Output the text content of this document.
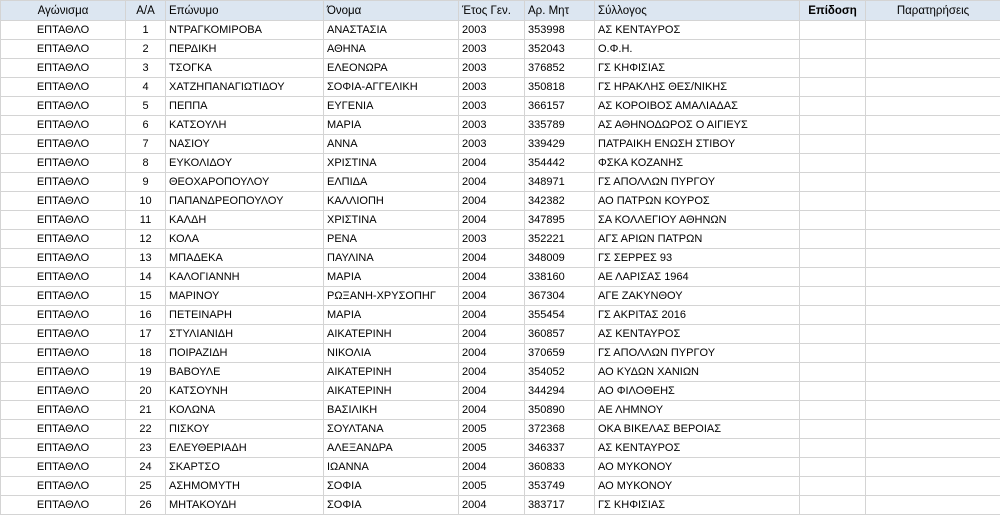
Αγώνισμα	Α/Α	Επώνυμο	Όνομα	Έτος Γεν.	Αρ. Μητ	Σύλλογος	Επίδοση	Παρατηρήσεις
ΕΠΤΑΘΛΟ	1	ΝΤΡΑΓΚΟΜΙΡΟΒΑ	ΑΝΑΣΤΑΣΙΑ	2003	353998	ΑΣ ΚΕΝΤΑΥΡΟΣ		
ΕΠΤΑΘΛΟ	2	ΠΕΡΔΙΚΗ	ΑΘΗΝΑ	2003	352043	Ο.Φ.Η.		
ΕΠΤΑΘΛΟ	3	ΤΣΟΓΚΑ	ΕΛΕΟΝΩΡΑ	2003	376852	ΓΣ ΚΗΦΙΣΙΑΣ		
ΕΠΤΑΘΛΟ	4	ΧΑΤΖΗΠΑΝΑΓΙΩΤΙΔΟΥ	ΣΟΦΙΑ-ΑΓΓΕΛΙΚΗ	2003	350818	ΓΣ ΗΡΑΚΛΗΣ ΘΕΣ/ΝΙΚΗΣ		
ΕΠΤΑΘΛΟ	5	ΠΕΠΠΑ	ΕΥΓΕΝΙΑ	2003	366157	ΑΣ ΚΟΡΟΙΒΟΣ ΑΜΑΛΙΑΔΑΣ		
ΕΠΤΑΘΛΟ	6	ΚΑΤΣΟΥΛΗ	ΜΑΡΙΑ	2003	335789	ΑΣ ΑΘΗΝΟΔΩΡΟΣ Ο ΑΙΓΙΕΥΣ		
ΕΠΤΑΘΛΟ	7	ΝΑΣΙΟΥ	ΑΝΝΑ	2003	339429	ΠΑΤΡΑΙΚΗ ΕΝΩΣΗ ΣΤΙΒΟΥ		
ΕΠΤΑΘΛΟ	8	ΕΥΚΟΛΙΔΟΥ	ΧΡΙΣΤΙΝΑ	2004	354442	ΦΣΚΑ ΚΟΖΑΝΗΣ		
ΕΠΤΑΘΛΟ	9	ΘΕΟΧΑΡΟΠΟΥΛΟΥ	ΕΛΠΙΔΑ	2004	348971	ΓΣ ΑΠΟΛΛΩΝ ΠΥΡΓΟΥ		
ΕΠΤΑΘΛΟ	10	ΠΑΠΑΝΔΡΕΟΠΟΥΛΟΥ	ΚΑΛΛΙΟΠΗ	2004	342382	ΑΟ ΠΑΤΡΩΝ ΚΟΥΡΟΣ		
ΕΠΤΑΘΛΟ	11	ΚΑΛΔΗ	ΧΡΙΣΤΙΝΑ	2004	347895	ΣΑ ΚΟΛΛΕΓΙΟΥ ΑΘΗΝΩΝ		
ΕΠΤΑΘΛΟ	12	ΚΟΛΑ	ΡΕΝΑ	2003	352221	ΑΓΣ ΑΡΙΩΝ ΠΑΤΡΩΝ		
ΕΠΤΑΘΛΟ	13	ΜΠΑΔΕΚΑ	ΠΑΥΛΙΝΑ	2004	348009	ΓΣ ΣΕΡΡΕΣ 93		
ΕΠΤΑΘΛΟ	14	ΚΑΛΟΓΙΑΝΝΗ	ΜΑΡΙΑ	2004	338160	ΑΕ ΛΑΡΙΣΑΣ 1964		
ΕΠΤΑΘΛΟ	15	ΜΑΡΙΝΟΥ	ΡΩΞΑΝΗ-ΧΡΥΣΟΠΗΓ	2004	367304	ΑΓΕ ΖΑΚΥΝΘΟΥ		
ΕΠΤΑΘΛΟ	16	ΠΕΤΕΙΝΑΡΗ	ΜΑΡΙΑ	2004	355454	ΓΣ ΑΚΡΙΤΑΣ 2016		
ΕΠΤΑΘΛΟ	17	ΣΤΥΛΙΑΝΙΔΗ	ΑΙΚΑΤΕΡΙΝΗ	2004	360857	ΑΣ ΚΕΝΤΑΥΡΟΣ		
ΕΠΤΑΘΛΟ	18	ΠΟΙΡΑΖΙΔΗ	ΝΙΚΟΛΙΑ	2004	370659	ΓΣ ΑΠΟΛΛΩΝ ΠΥΡΓΟΥ		
ΕΠΤΑΘΛΟ	19	ΒΑΒΟΥΛΕ	ΑΙΚΑΤΕΡΙΝΗ	2004	354052	ΑΟ ΚΥΔΩΝ ΧΑΝΙΩΝ		
ΕΠΤΑΘΛΟ	20	ΚΑΤΣΟΥΝΗ	ΑΙΚΑΤΕΡΙΝΗ	2004	344294	ΑΟ ΦΙΛΟΘΕΗΣ		
ΕΠΤΑΘΛΟ	21	ΚΟΛΩΝΑ	ΒΑΣΙΛΙΚΗ	2004	350890	ΑΕ ΛΗΜΝΟΥ		
ΕΠΤΑΘΛΟ	22	ΠΙΣΚΟΥ	ΣΟΥΛΤΑΝΑ	2005	372368	ΟΚΑ ΒΙΚΕΛΑΣ ΒΕΡΟΙΑΣ		
ΕΠΤΑΘΛΟ	23	ΕΛΕΥΘΕΡΙΑΔΗ	ΑΛΕΞΑΝΔΡΑ	2005	346337	ΑΣ ΚΕΝΤΑΥΡΟΣ		
ΕΠΤΑΘΛΟ	24	ΣΚΑΡΤΣΟ	ΙΩΑΝΝΑ	2004	360833	ΑΟ ΜΥΚΟΝΟΥ		
ΕΠΤΑΘΛΟ	25	ΑΣΗΜΟΜΥΤΗ	ΣΟΦΙΑ	2005	353749	ΑΟ ΜΥΚΟΝΟΥ		
ΕΠΤΑΘΛΟ	26	ΜΗΤΑΚΟΥΔΗ	ΣΟΦΙΑ	2004	383717	ΓΣ ΚΗΦΙΣΙΑΣ		
